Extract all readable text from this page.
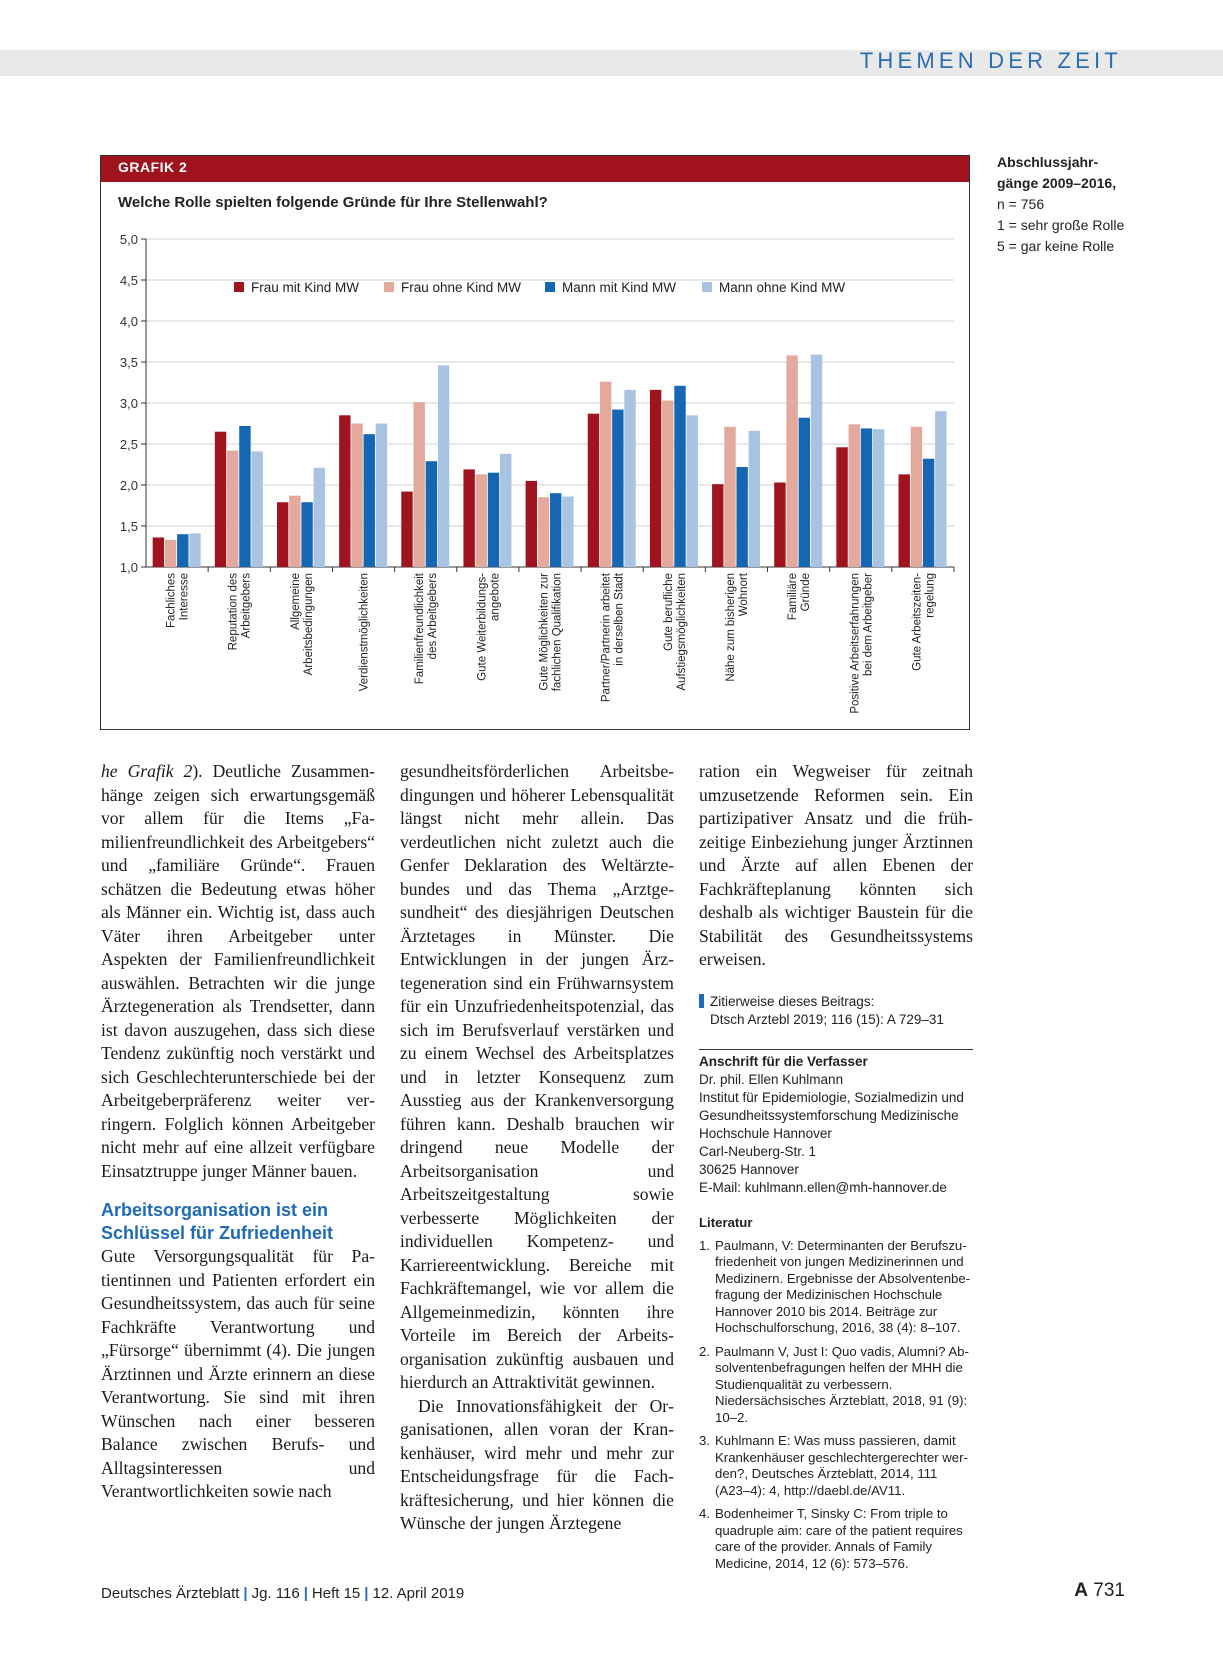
THEMEN DER ZEIT
GRAFIK 2
Welche Rolle spielten folgende Gründe für Ihre Stellenwahl?
1,0
1,5
2,0
2,5
3,0
3,5
4,0
4,5
5,0
FachlichesInteresse	Reputation desArbeitgebers	AllgemeineArbeitsbedingungen	Verdienstmöglichkeiten	Familienfreundlichkeitdes Arbeitgebers	Gute Weiterbildungs-angebote	Gute Möglichkeiten zurfachlichen Qualifikation	Partner/Partnerin arbeitetin derselben Stadt	Gute beruflicheAufstiegsmöglichkeiten	Nähe zum bisherigenWohnort	FamiliäreGründe	Positive Arbeitserfahrungenbei dem Arbeitgeber	Gute Arbeitszeiten-regelung
Frau mit Kind MW	Frau ohne Kind MW	Mann mit Kind MW	Mann ohne Kind MW
Abschlussjahr-
gänge 2009–2016,
n = 756
1 = sehr große Rolle
5 = gar keine Rolle

he Grafik 2). Deutliche Zusammenhänge zeigen sich erwartungsgemäß vor allem für die Items „Familienfreundlichkeit des Arbeitgebers“ und „familiäre Gründe“. Frauen schätzen die Bedeutung etwas höher als Männer ein. Wichtig ist, dass auch Väter ihren Arbeitgeber unter Aspekten der Familienfreundlichkeit auswählen. Betrachten wir die junge Ärztegeneration als Trendsetter, dann ist davon auszugehen, dass sich diese Tendenz zukünftig noch verstärkt und sich Geschlechterunterschiede bei der Arbeitgeberpräferenz weiter verringern. Folglich können Arbeitgeber nicht mehr auf eine allzeit verfügbare Einsatztruppe junger Männer bauen.

Arbeitsorganisation ist ein Schlüssel für Zufriedenheit

Gute Versorgungsqualität für Patientinnen und Patienten erfordert ein Gesundheitssystem, das auch für seine Fachkräfte Verantwortung und „Fürsorge“ übernimmt (4). Die jungen Ärztinnen und Ärzte erinnern an diese Verantwortung. Sie sind mit ihren Wünschen nach einer besseren Balance zwischen Berufs- und Alltagsinteressen und Verantwortlichkeiten sowie nach

gesundheitsförderlichen Arbeitsbedingungen und höherer Lebensqualität längst nicht mehr allein. Das verdeutlichen nicht zuletzt auch die Genfer Deklaration des Weltärztebundes und das Thema „Arztgesundheit“ des diesjährigen Deutschen Ärztetages in Münster. Die Entwicklungen in der jungen Ärztegeneration sind ein Frühwarnsystem für ein Unzufriedenheitspotenzial, das sich im Berufsverlauf verstärken und zu einem Wechsel des Arbeitsplatzes und in letzter Konsequenz zum Ausstieg aus der Krankenversorgung führen kann. Deshalb brauchen wir dringend neue Modelle der Arbeitsorganisation und Arbeitszeitgestaltung sowie verbesserte Möglichkeiten der individuellen Kompetenz- und Karriereentwicklung. Bereiche mit Fachkräftemangel, wie vor allem die Allgemeinmedizin, könnten ihre Vorteile im Bereich der Arbeitsorganisation zukünftig ausbauen und hierdurch an Attraktivität gewinnen.

Die Innovationsfähigkeit der Organisationen, allen voran der Krankenhäuser, wird mehr und mehr zur Entscheidungsfrage für die Fachkräftesicherung, und hier können die Wünsche der jungen Ärztegene

ration ein Wegweiser für zeitnah umzusetzende Reformen sein. Ein partizipativer Ansatz und die frühzeitige Einbeziehung junger Ärztinnen und Ärzte auf allen Ebenen der Fachkräfteplanung könnten sich deshalb als wichtiger Baustein für die Stabilität des Gesundheitssystems erweisen.

Zitierweise dieses Beitrags:
Dtsch Arztebl 2019; 116 (15): A 729–31
Anschrift für die Verfasser
Dr. phil. Ellen Kuhlmann
Institut für Epidemiologie, Sozialmedizin und Gesundheitssystemforschung Medizinische Hochschule Hannover
Carl-Neuberg-Str. 1
30625 Hannover
E-Mail: kuhlmann.ellen@mh-hannover.de
Literatur
1. Paulmann, V: Determinanten der Berufszufriedenheit von jungen Medizinerinnen und Medizinern. Ergebnisse der Absolventenbefragung der Medizinischen Hochschule Hannover 2010 bis 2014. Beiträge zur Hochschulforschung, 2016, 38 (4): 8–107.
2. Paulmann V, Just I: Quo vadis, Alumni? Absolventenbefragungen helfen der MHH die Studienqualität zu verbessern. Niedersächsisches Ärzteblatt, 2018, 91 (9): 10–2.
3. Kuhlmann E: Was muss passieren, damit Krankenhäuser geschlechtergerechter werden?, Deutsches Ärzteblatt, 2014, 111 (A23–4): 4, http://daebl.de/AV11.
4. Bodenheimer T, Sinsky C: From triple to quadruple aim: care of the patient requires care of the provider. Annals of Family Medicine, 2014, 12 (6): 573–576.
Deutsches Ärzteblatt | Jg. 116 | Heft 15 | 12. April 2019	A 731
